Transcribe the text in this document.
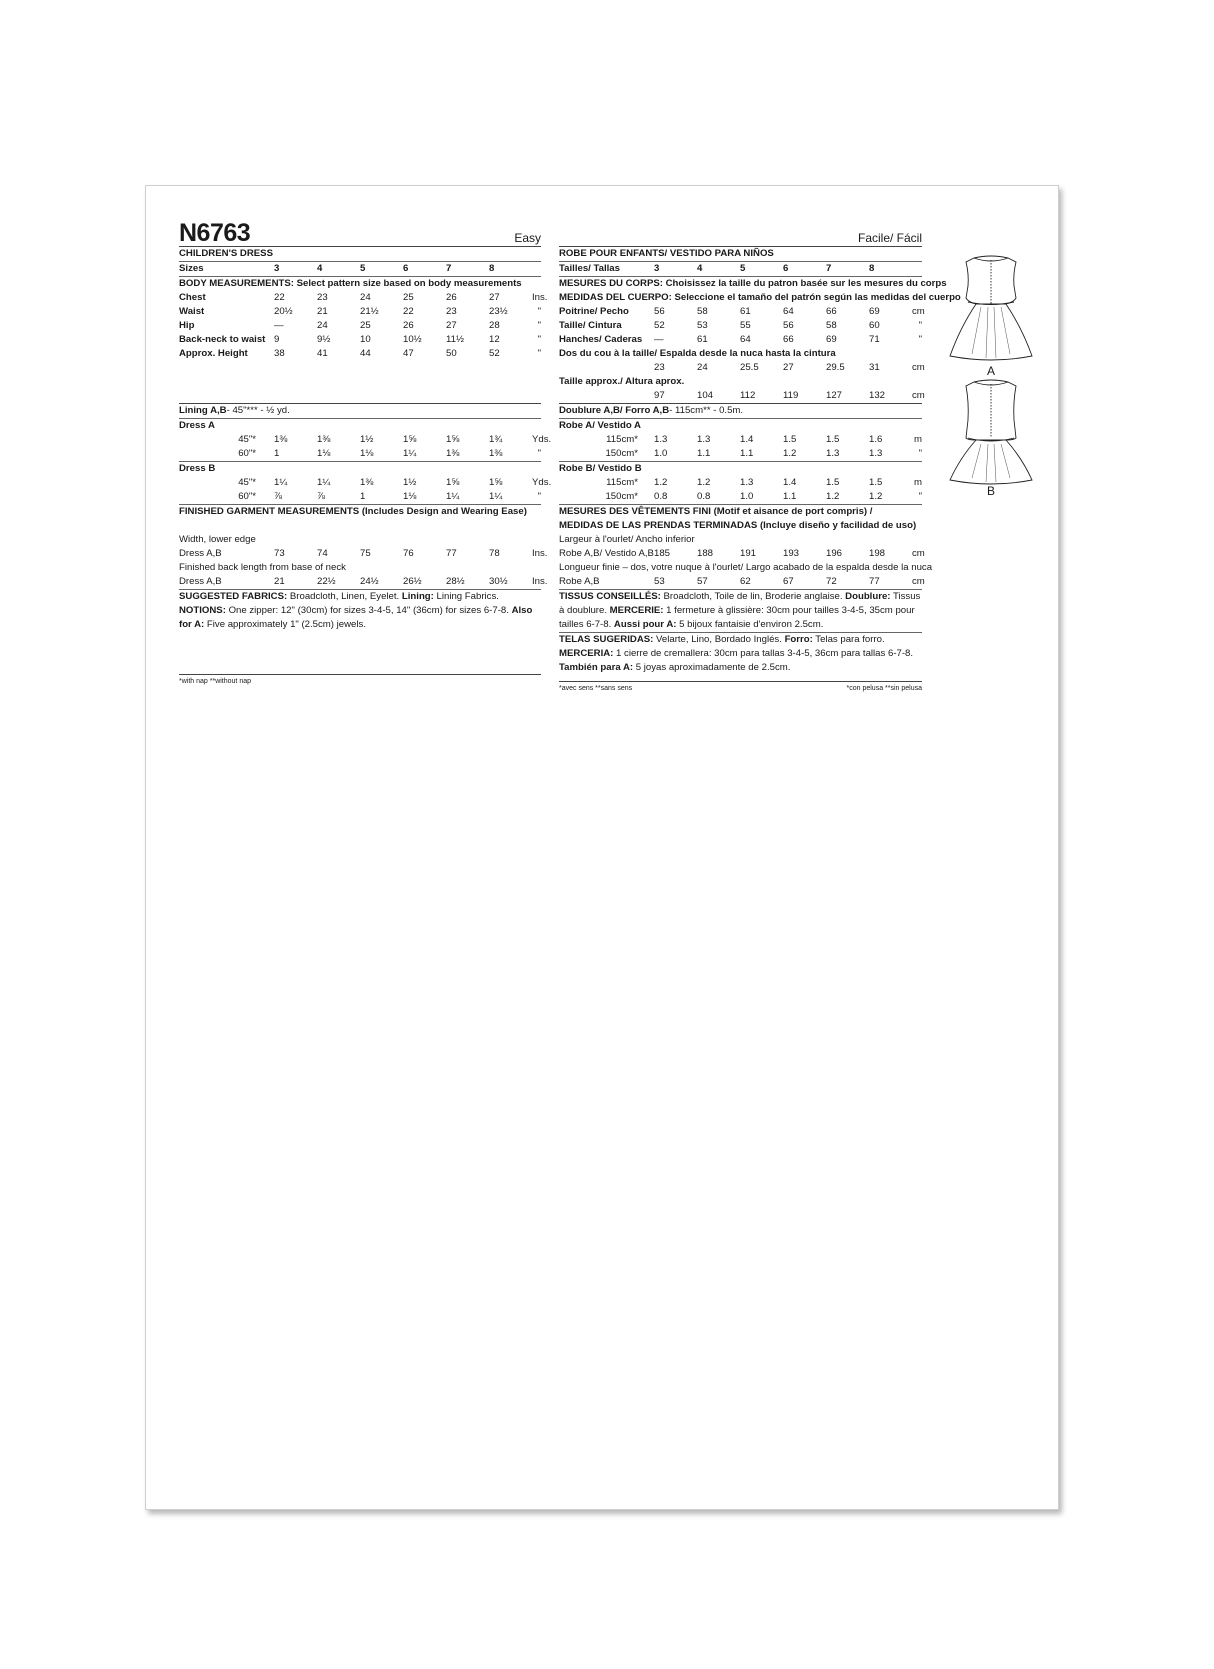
N6763	Easy
CHILDREN'S DRESS
Sizes	3	4	5	6	7	8
BODY MEASUREMENTS: Select pattern size based on body measurements
Chest	22	23	24	25	26	27	Ins.
Waist	20½	21	21½	22	23	23½	"
Hip	—	24	25	26	27	28	"
Back-neck to waist 9	9½	10	10½	11½	12	"
Approx. Height	38	41	44	47	50	52	"
Lining A,B - 45"*** - ½ yd.
Dress A
45"*	1⅜	1⅜	1½	1⅝	1⅝	1¾	Yds.
60"*	1	1⅛	1⅛	1¼	1⅜	1⅜	"
Dress B
45"*	1¼	1¼	1⅜	1½	1⅝	1⅝	Yds.
60"*	⅞	⅞	1	1⅛	1¼	1¼	"
FINISHED GARMENT MEASUREMENTS (Includes Design and Wearing Ease)
Width, lower edge
Dress A,B	73	74	75	76	77	78	Ins.
Finished back length from base of neck
Dress A,B	21	22½	24½	26½	28½	30½	Ins.
SUGGESTED FABRICS: Broadcloth, Linen, Eyelet. Lining: Lining Fabrics.
NOTIONS: One zipper: 12" (30cm) for sizes 3-4-5, 14" (36cm) for sizes 6-7-8. Also for A: Five approximately 1" (2.5cm) jewels.
*with nap **without nap
Facile/ Fácil
ROBE POUR ENFANTS/ VESTIDO PARA NIÑOS
Tailles/ Tallas	3	4	5	6	7	8
MESURES DU CORPS: Choisissez la taille du patron basée sur les mesures du corps
MEDIDAS DEL CUERPO: Seleccione el tamaño del patrón según las medidas del cuerpo
Poitrine/ Pecho	56	58	61	64	66	69	cm
Taille/ Cintura	52	53	55	56	58	60	"
Hanches/ Caderas	—	61	64	66	69	71	"
Dos du cou à la taille/ Espalda desde la nuca hasta la cintura
23	24	25.5	27	29.5	31	cm
Taille approx./ Altura aprox.
97	104	112	119	127	132	cm
Doublure A,B/ Forro A,B - 115cm** - 0.5m.
Robe A/ Vestido A
115cm*	1.3	1.3	1.4	1.5	1.5	1.6	m
150cm*	1.0	1.1	1.1	1.2	1.3	1.3	"
Robe B/ Vestido B
115cm*	1.2	1.2	1.3	1.4	1.5	1.5	m
150cm*	0.8	0.8	1.0	1.1	1.2	1.2	"
MESURES DES VÊTEMENTS FINI (Motif et aisance de port compris) /
MEDIDAS DE LAS PRENDAS TERMINADAS (Incluye diseño y facilidad de uso)
Largeur à l'ourlet/ Ancho inferior
Robe A,B/ Vestido A,B 185	188	191	193	196	198	cm
Longueur finie – dos, votre nuque à l'ourlet/ Largo acabado de la espalda desde la nuca
Robe A,B	53	57	62	67	72	77	cm
TISSUS CONSEILLÉS: Broadcloth, Toile de lin, Broderie anglaise. Doublure: Tissus à doublure. MERCERIE: 1 fermeture à glissière: 30cm pour tailles 3-4-5, 35cm pour tailles 6-7-8. Aussi pour A: 5 bijoux fantaisie d'environ 2.5cm.
TELAS SUGERIDAS: Velarte, Lino, Bordado Inglés. Forro: Telas para forro. MERCERIA: 1 cierre de cremallera: 30cm para tallas 3-4-5, 36cm para tallas 6-7-8. También para A: 5 joyas aproximadamente de 2.5cm.
*avec sens **sans sens	*con pelusa **sin pelusa
A
B
